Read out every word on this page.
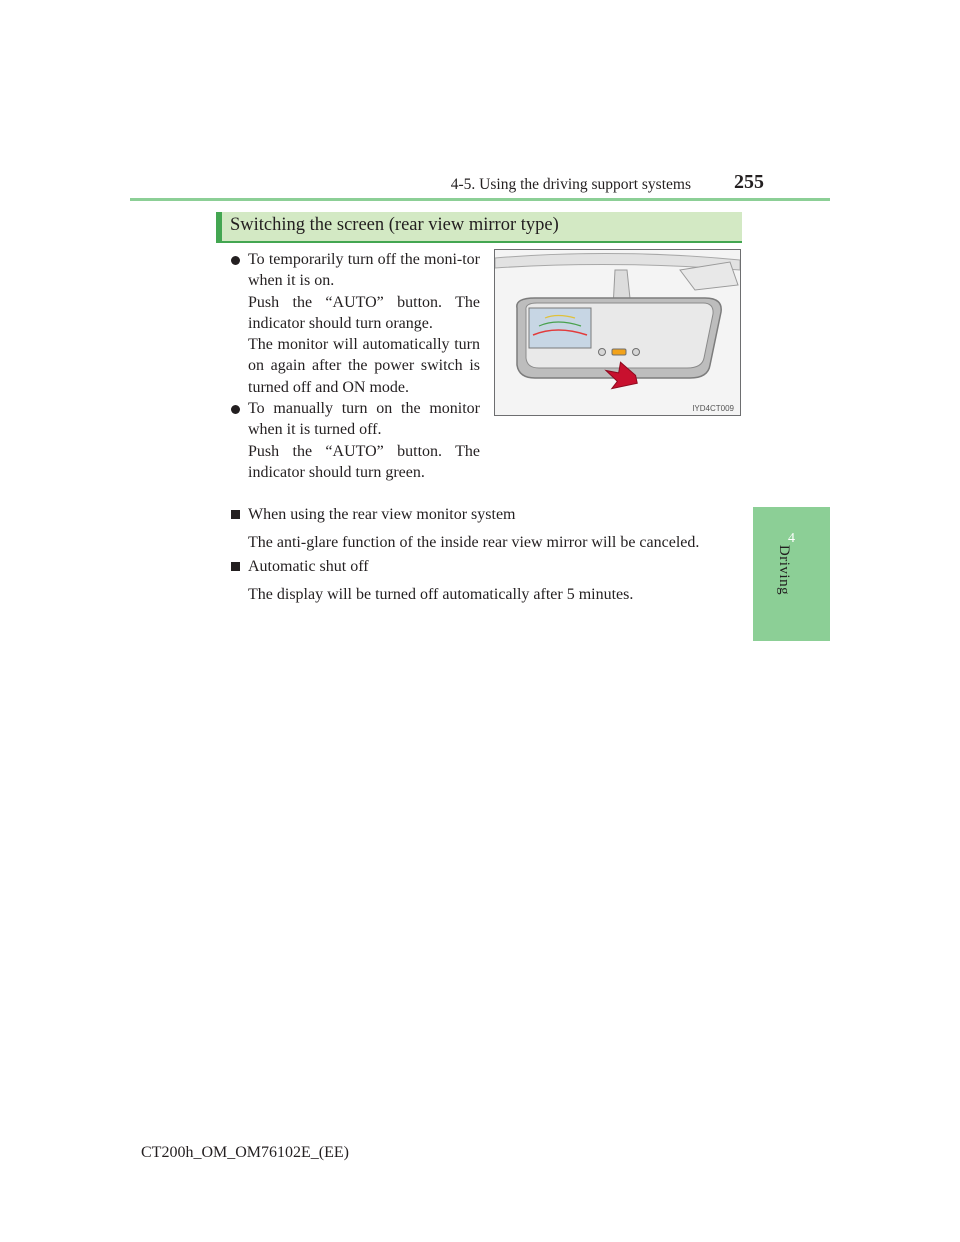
4-5. Using the driving support systems 255
4
Driving
Switching the screen (rear view mirror type)

To temporarily turn off the moni-tor when it is on.

Push the “AUTO” button. The indicator should turn orange.

The monitor will automatically turn on again after the power switch is turned off and ON mode.

To manually turn on the monitor when it is turned off.

Push the “AUTO” button. The indicator should turn green.

IYD4CT009
When using the rear view monitor system
The anti-glare function of the inside rear view mirror will be canceled.
Automatic shut off
The display will be turned off automatically after 5 minutes.
CT200h_OM_OM76102E_(EE)
